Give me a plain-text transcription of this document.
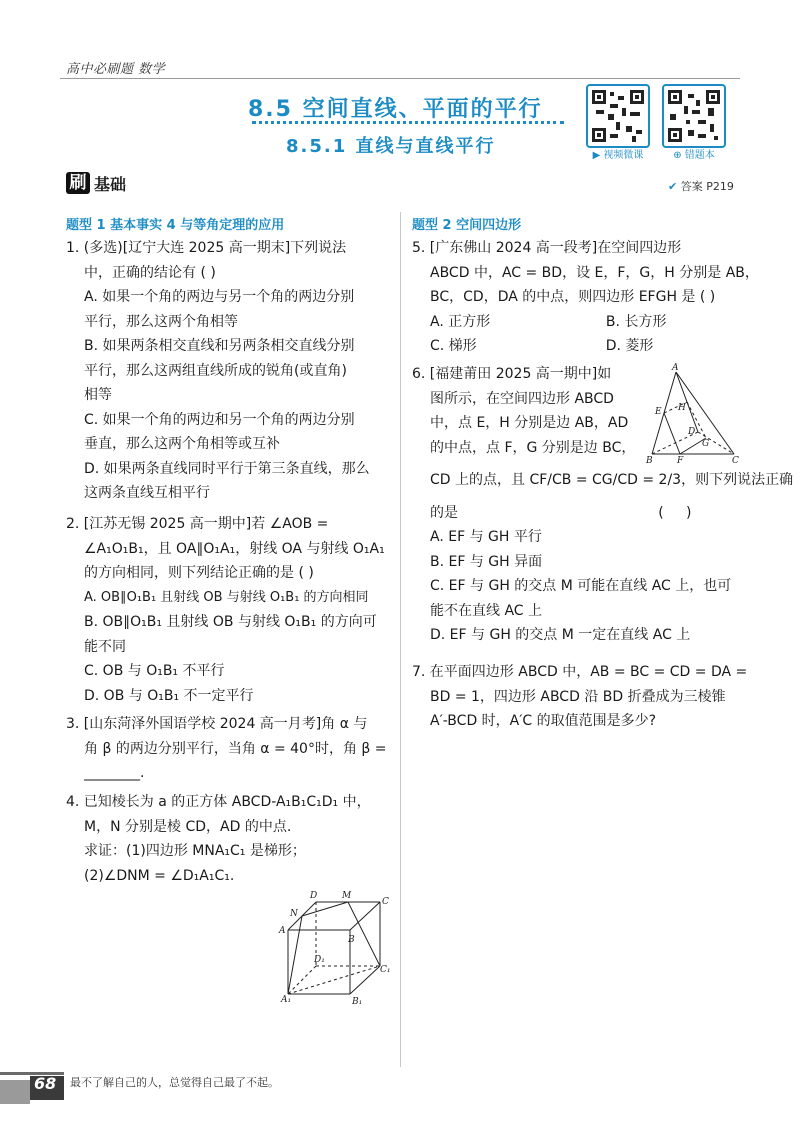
高中必刷题 数学
8.5 空间直线、平面的平行
8.5.1 直线与直线平行	▶ 视频微课	⊕ 错题本
刷 基础	✔ 答案 P219
题型 1 基本事实 4 与等角定理的应用
1. (多选)[辽宁大连 2025 高一期末]下列说法
中，正确的结论有 ( )
A. 如果一个角的两边与另一个角的两边分别
平行，那么这两个角相等
B. 如果两条相交直线和另两条相交直线分别
平行，那么这两组直线所成的锐角(或直角)
相等
C. 如果一个角的两边和另一个角的两边分别
垂直，那么这两个角相等或互补
D. 如果两条直线同时平行于第三条直线，那么
这两条直线互相平行
2. [江苏无锡 2025 高一期中]若 ∠AOB =
∠A₁O₁B₁，且 OA∥O₁A₁，射线 OA 与射线 O₁A₁
的方向相同，则下列结论正确的是 ( )
A. OB∥O₁B₁ 且射线 OB 与射线 O₁B₁ 的方向相同
B. OB∥O₁B₁ 且射线 OB 与射线 O₁B₁ 的方向可
能不同
C. OB 与 O₁B₁ 不平行
D. OB 与 O₁B₁ 不一定平行
3. [山东菏泽外国语学校 2024 高一月考]角 α 与
角 β 的两边分别平行，当角 α = 40°时，角 β =
________.
4. 已知棱长为 a 的正方体 ABCD-A₁B₁C₁D₁ 中，
M，N 分别是棱 CD，AD 的中点.
求证：(1)四边形 MNA₁C₁ 是梯形；
(2)∠DNM = ∠D₁A₁C₁.
D	M
N
A
B
C
D₁
C₁
A₁	B₁
题型 2 空间四边形
5. [广东佛山 2024 高一段考]在空间四边形
ABCD 中，AC = BD，设 E，F，G，H 分别是 AB，
BC，CD，DA 的中点，则四边形 EFGH 是 ( )
A. 正方形                          B. 长方形
C. 梯形                             D. 菱形
6. [福建莆田 2025 高一期中]如
图所示，在空间四边形 ABCD
中，点 E，H 分别是边 AB，AD
的中点，点 F，G 分别是边 BC，
CD 上的点，且 CF/CB = CG/CD = 2/3，则下列说法正确
的是                                             (     )
A. EF 与 GH 平行
B. EF 与 GH 异面
C. EF 与 GH 的交点 M 可能在直线 AC 上，也可
能不在直线 AC 上
D. EF 与 GH 的交点 M 一定在直线 AC 上
A
E H
D
G
B	F	C
7. 在平面四边形 ABCD 中，AB = BC = CD = DA =
BD = 1，四边形 ABCD 沿 BD 折叠成为三棱锥
A′-BCD 时，A′C 的取值范围是多少?
68 最不了解自己的人，总觉得自己最了不起。
